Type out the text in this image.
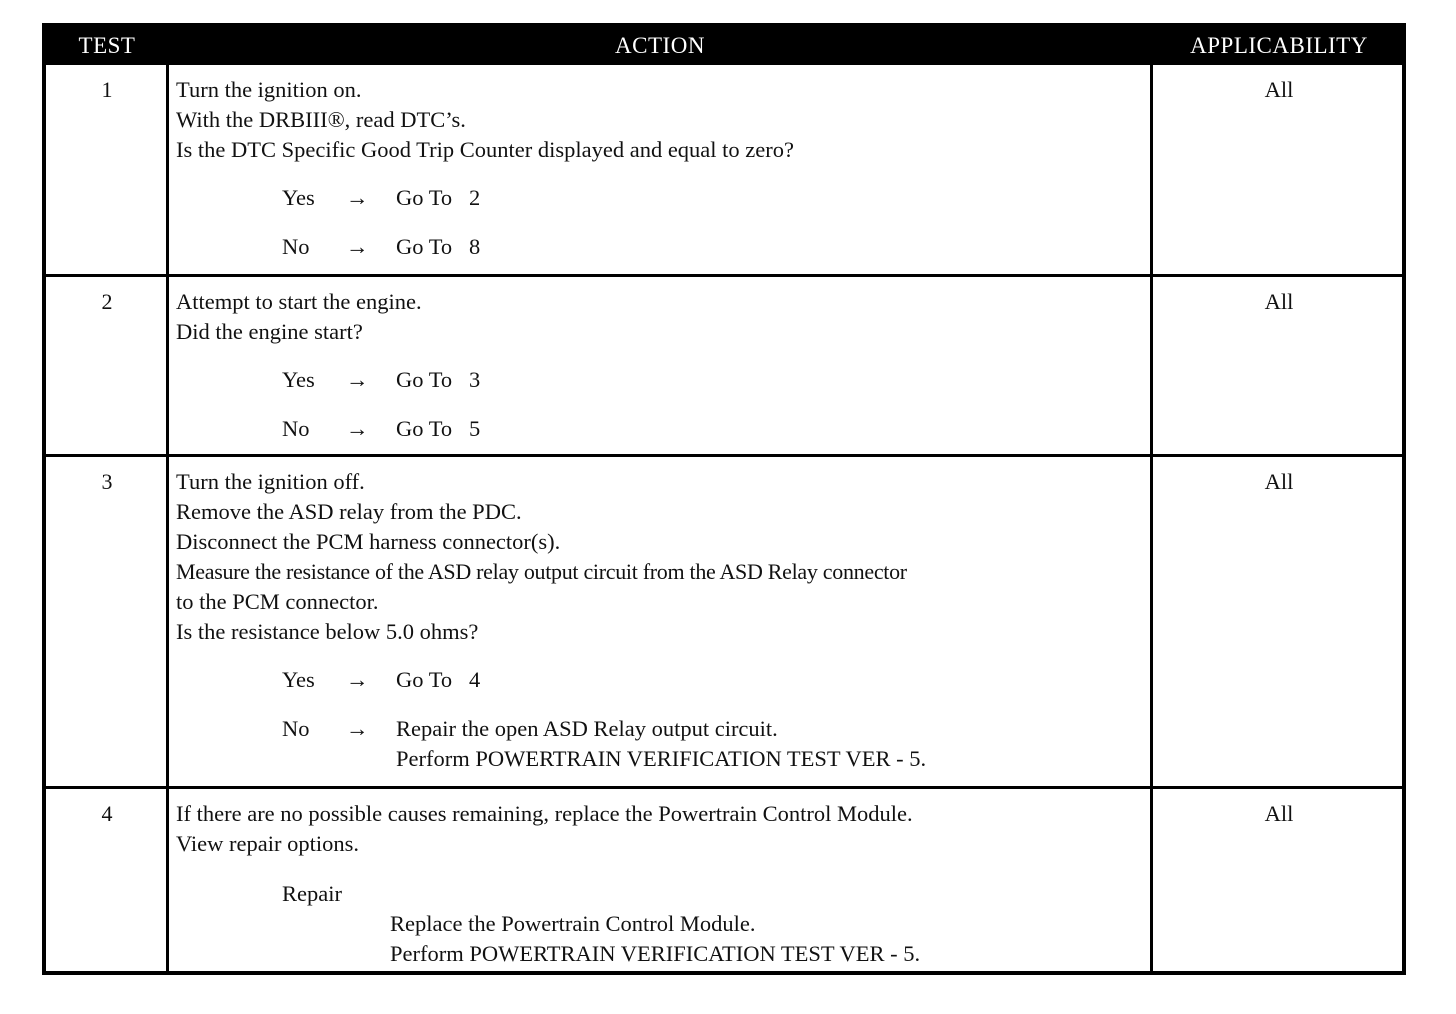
TEST	ACTION	APPLICABILITY
1	Turn the ignition on.
With the DRBIII®, read DTC’s.
Is the DTC Specific Good Trip Counter displayed and equal to zero?
Yes → Go To   2
No → Go To   8
All
2	Attempt to start the engine.
Did the engine start?
Yes → Go To   3
No → Go To   5
All
3	Turn the ignition off.
Remove the ASD relay from the PDC.
Disconnect the PCM harness connector(s).
Measure the resistance of the ASD relay output circuit from the ASD Relay connector
to the PCM connector.
Is the resistance below 5.0 ohms?
Yes → Go To   4
No → Repair the open ASD Relay output circuit.
Perform POWERTRAIN VERIFICATION TEST VER - 5.
All
4	If there are no possible causes remaining, replace the Powertrain Control Module.
View repair options.
Repair
Replace the Powertrain Control Module.
Perform POWERTRAIN VERIFICATION TEST VER - 5.
All
